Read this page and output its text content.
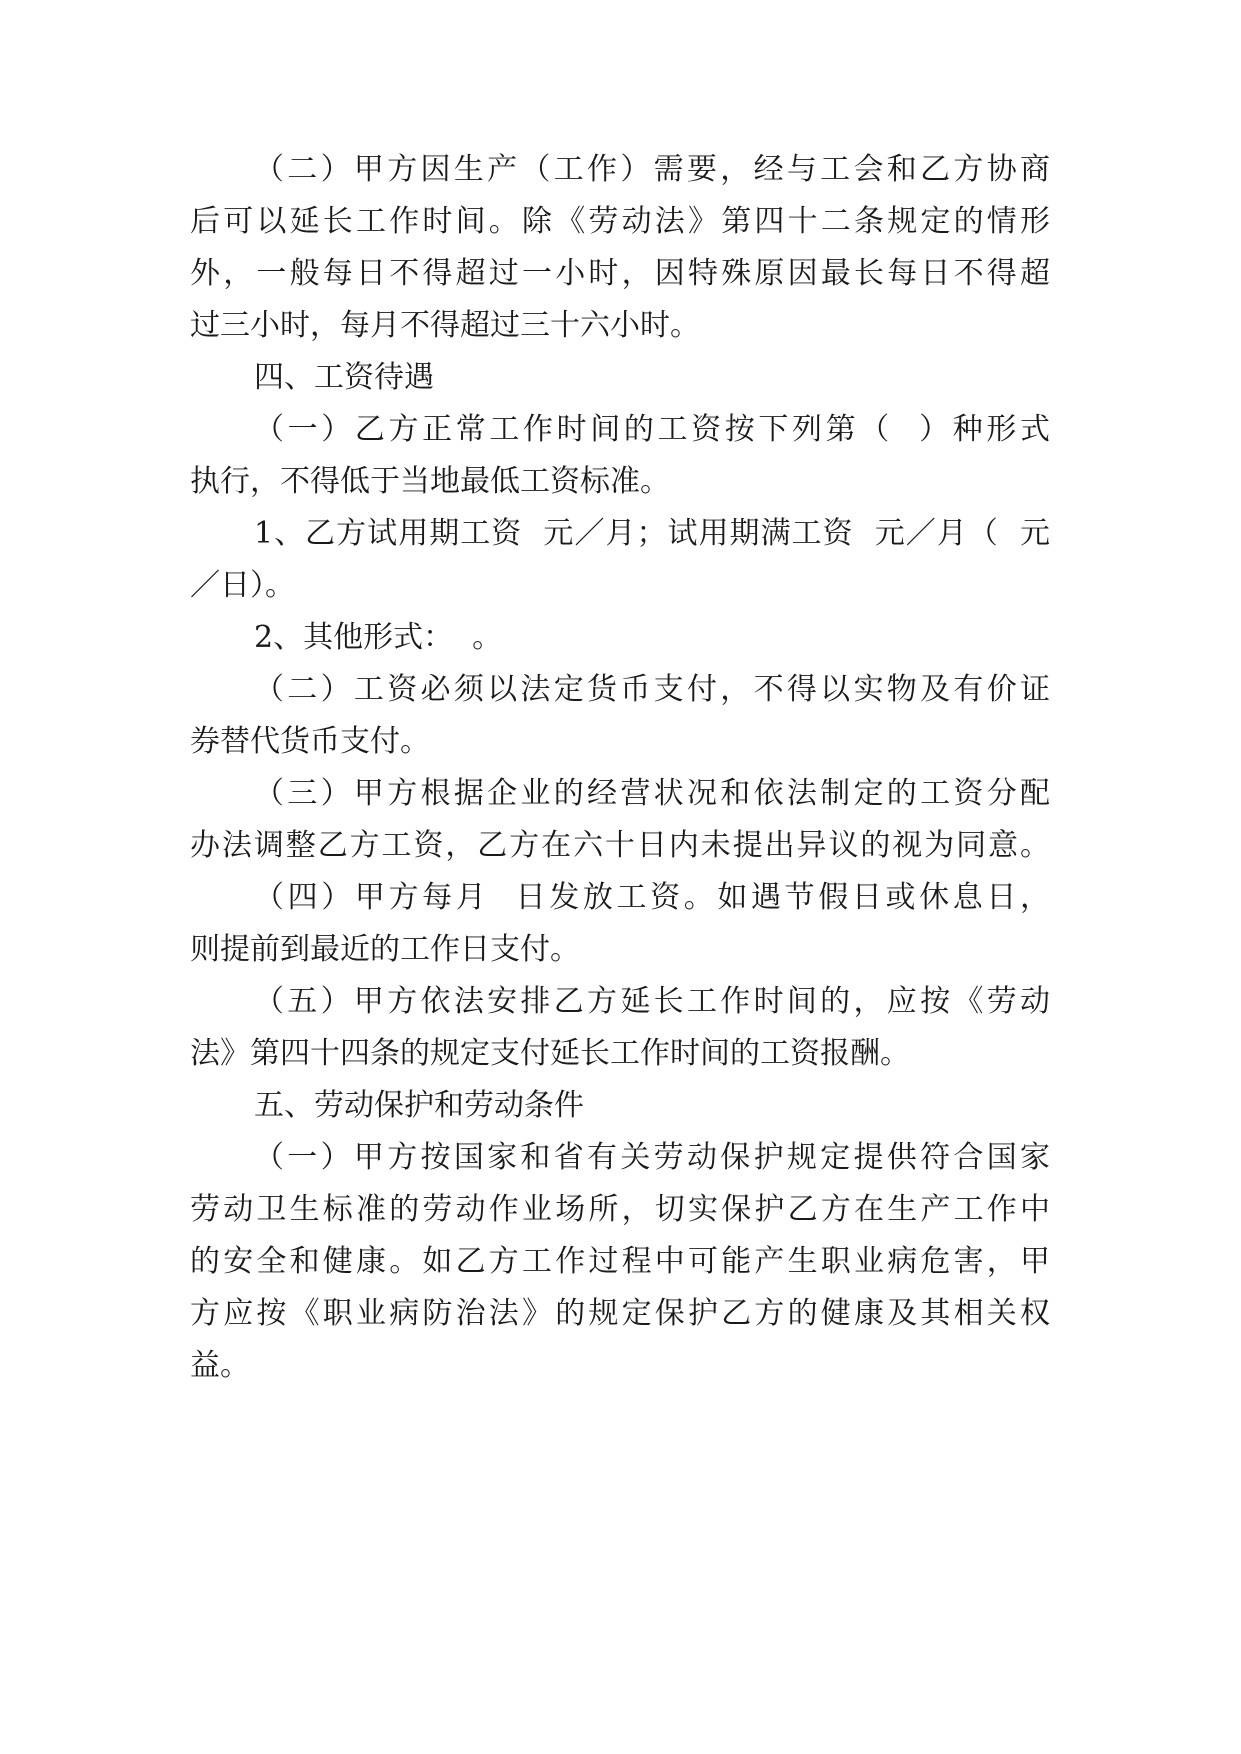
（二）甲方因生产（工作）需要，经与工会和乙方协商
后可以延长工作时间。除《劳动法》第四十二条规定的情形
外，一般每日不得超过一小时，因特殊原因最长每日不得超
过三小时，每月不得超过三十六小时。
四、工资待遇
（一）乙方正常工作时间的工资按下列第（  ）种形式
执行，不得低于当地最低工资标准。
1、乙方试用期工资  元／月；试用期满工资  元／月（  元
／日）。
2、其他形式：  。
（二）工资必须以法定货币支付，不得以实物及有价证
券替代货币支付。
（三）甲方根据企业的经营状况和依法制定的工资分配
办法调整乙方工资，乙方在六十日内未提出异议的视为同意。
（四）甲方每月  日发放工资。如遇节假日或休息日，
则提前到最近的工作日支付。
（五）甲方依法安排乙方延长工作时间的，应按《劳动
法》第四十四条的规定支付延长工作时间的工资报酬。
五、劳动保护和劳动条件
（一）甲方按国家和省有关劳动保护规定提供符合国家
劳动卫生标准的劳动作业场所，切实保护乙方在生产工作中
的安全和健康。如乙方工作过程中可能产生职业病危害，甲
方应按《职业病防治法》的规定保护乙方的健康及其相关权
益。
